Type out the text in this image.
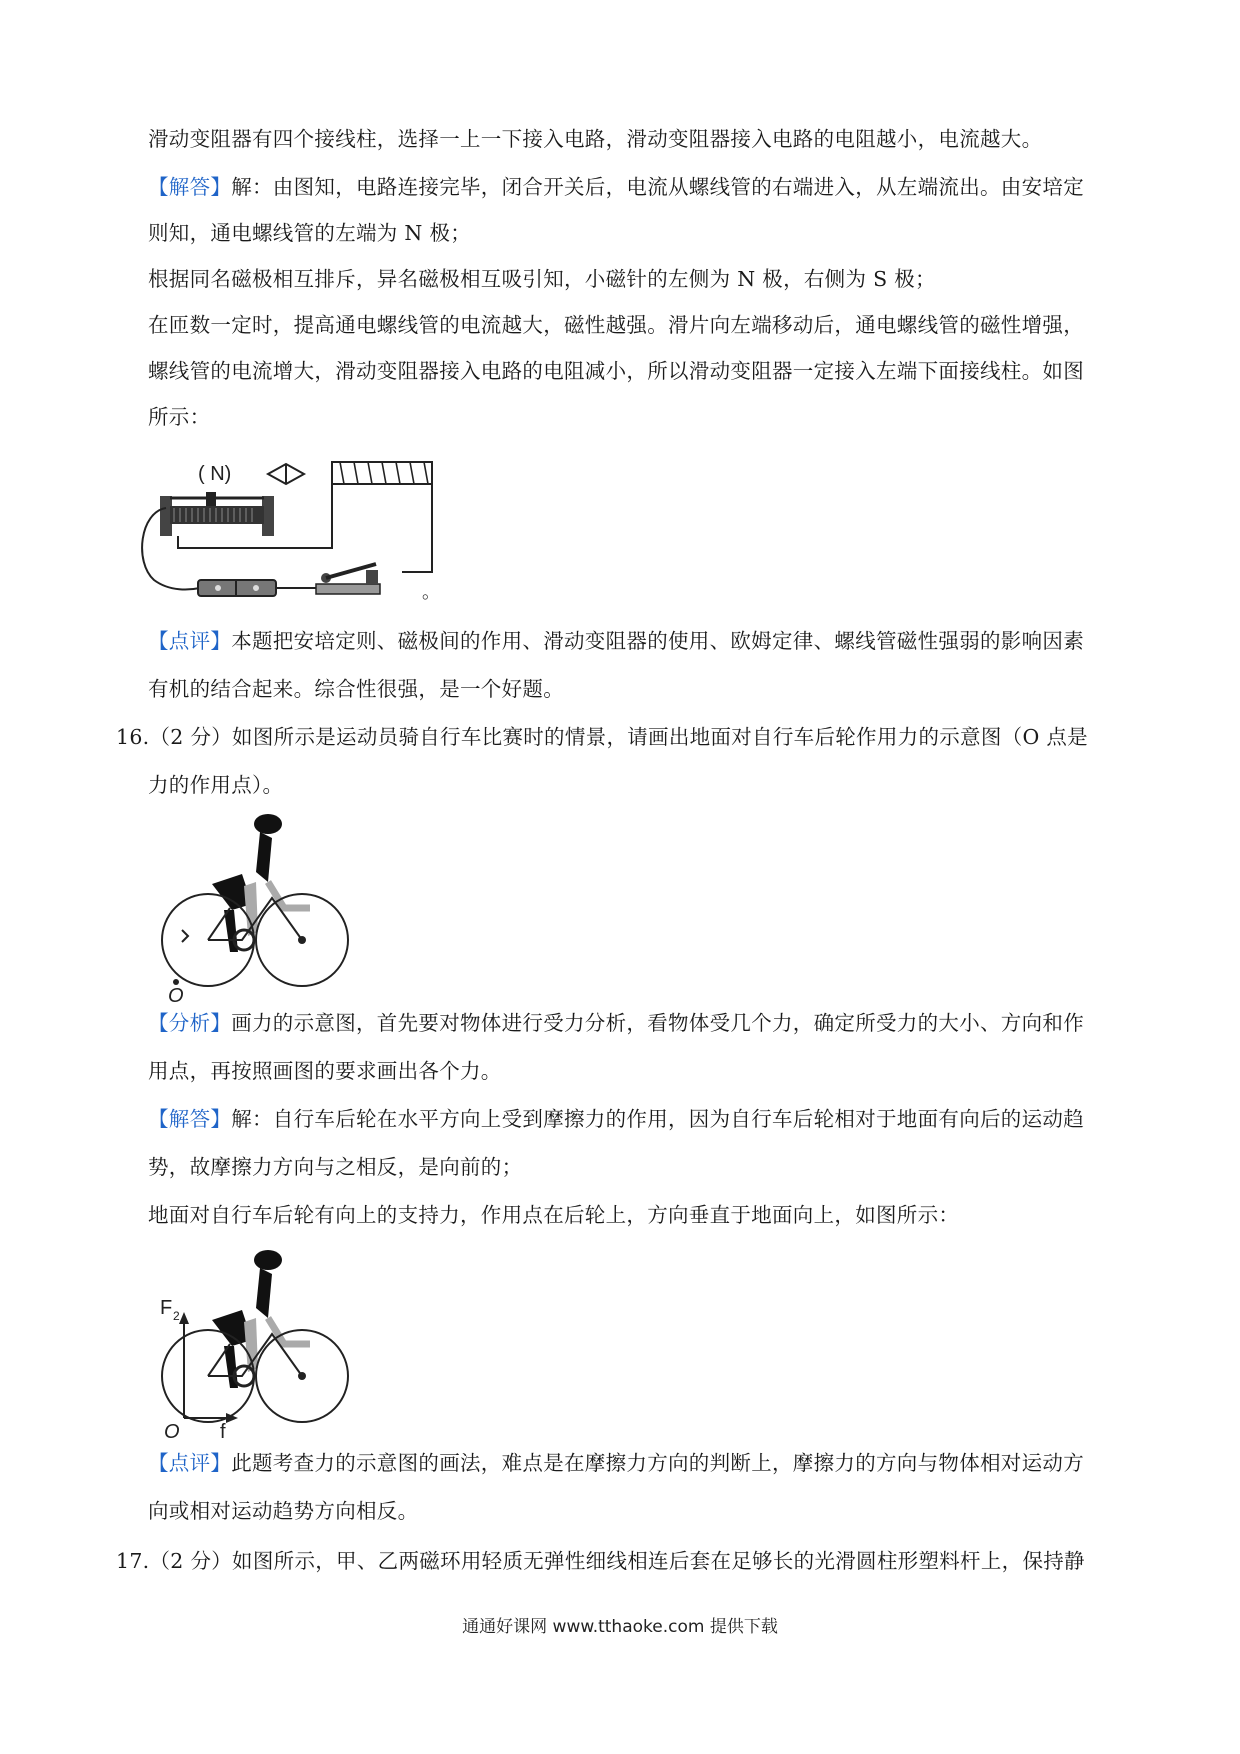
滑动变阻器有四个接线柱，选择一上一下接入电路，滑动变阻器接入电路的电阻越小，电流越大。
【解答】解：由图知，电路连接完毕，闭合开关后，电流从螺线管的右端进入，从左端流出。由安培定
则知，通电螺线管的左端为 N 极；
根据同名磁极相互排斥，异名磁极相互吸引知，小磁针的左侧为 N 极，右侧为 S 极；
在匝数一定时，提高通电螺线管的电流越大，磁性越强。滑片向左端移动后，通电螺线管的磁性增强，
螺线管的电流增大，滑动变阻器接入电路的电阻减小，所以滑动变阻器一定接入左端下面接线柱。如图
所示：
( N)
。
【点评】本题把安培定则、磁极间的作用、滑动变阻器的使用、欧姆定律、螺线管磁性强弱的影响因素
有机的结合起来。综合性很强，是一个好题。
16.（2 分）如图所示是运动员骑自行车比赛时的情景，请画出地面对自行车后轮作用力的示意图（O 点是
力的作用点）。
O
【分析】画力的示意图，首先要对物体进行受力分析，看物体受几个力，确定所受力的大小、方向和作
用点，再按照画图的要求画出各个力。
【解答】解：自行车后轮在水平方向上受到摩擦力的作用，因为自行车后轮相对于地面有向后的运动趋
势，故摩擦力方向与之相反，是向前的；
地面对自行车后轮有向上的支持力，作用点在后轮上，方向垂直于地面向上，如图所示：
F 2
O f
【点评】此题考查力的示意图的画法，难点是在摩擦力方向的判断上，摩擦力的方向与物体相对运动方
向或相对运动趋势方向相反。
17.（2 分）如图所示，甲、乙两磁环用轻质无弹性细线相连后套在足够长的光滑圆柱形塑料杆上，保持静
通通好课网 www.tthaoke.com 提供下载
